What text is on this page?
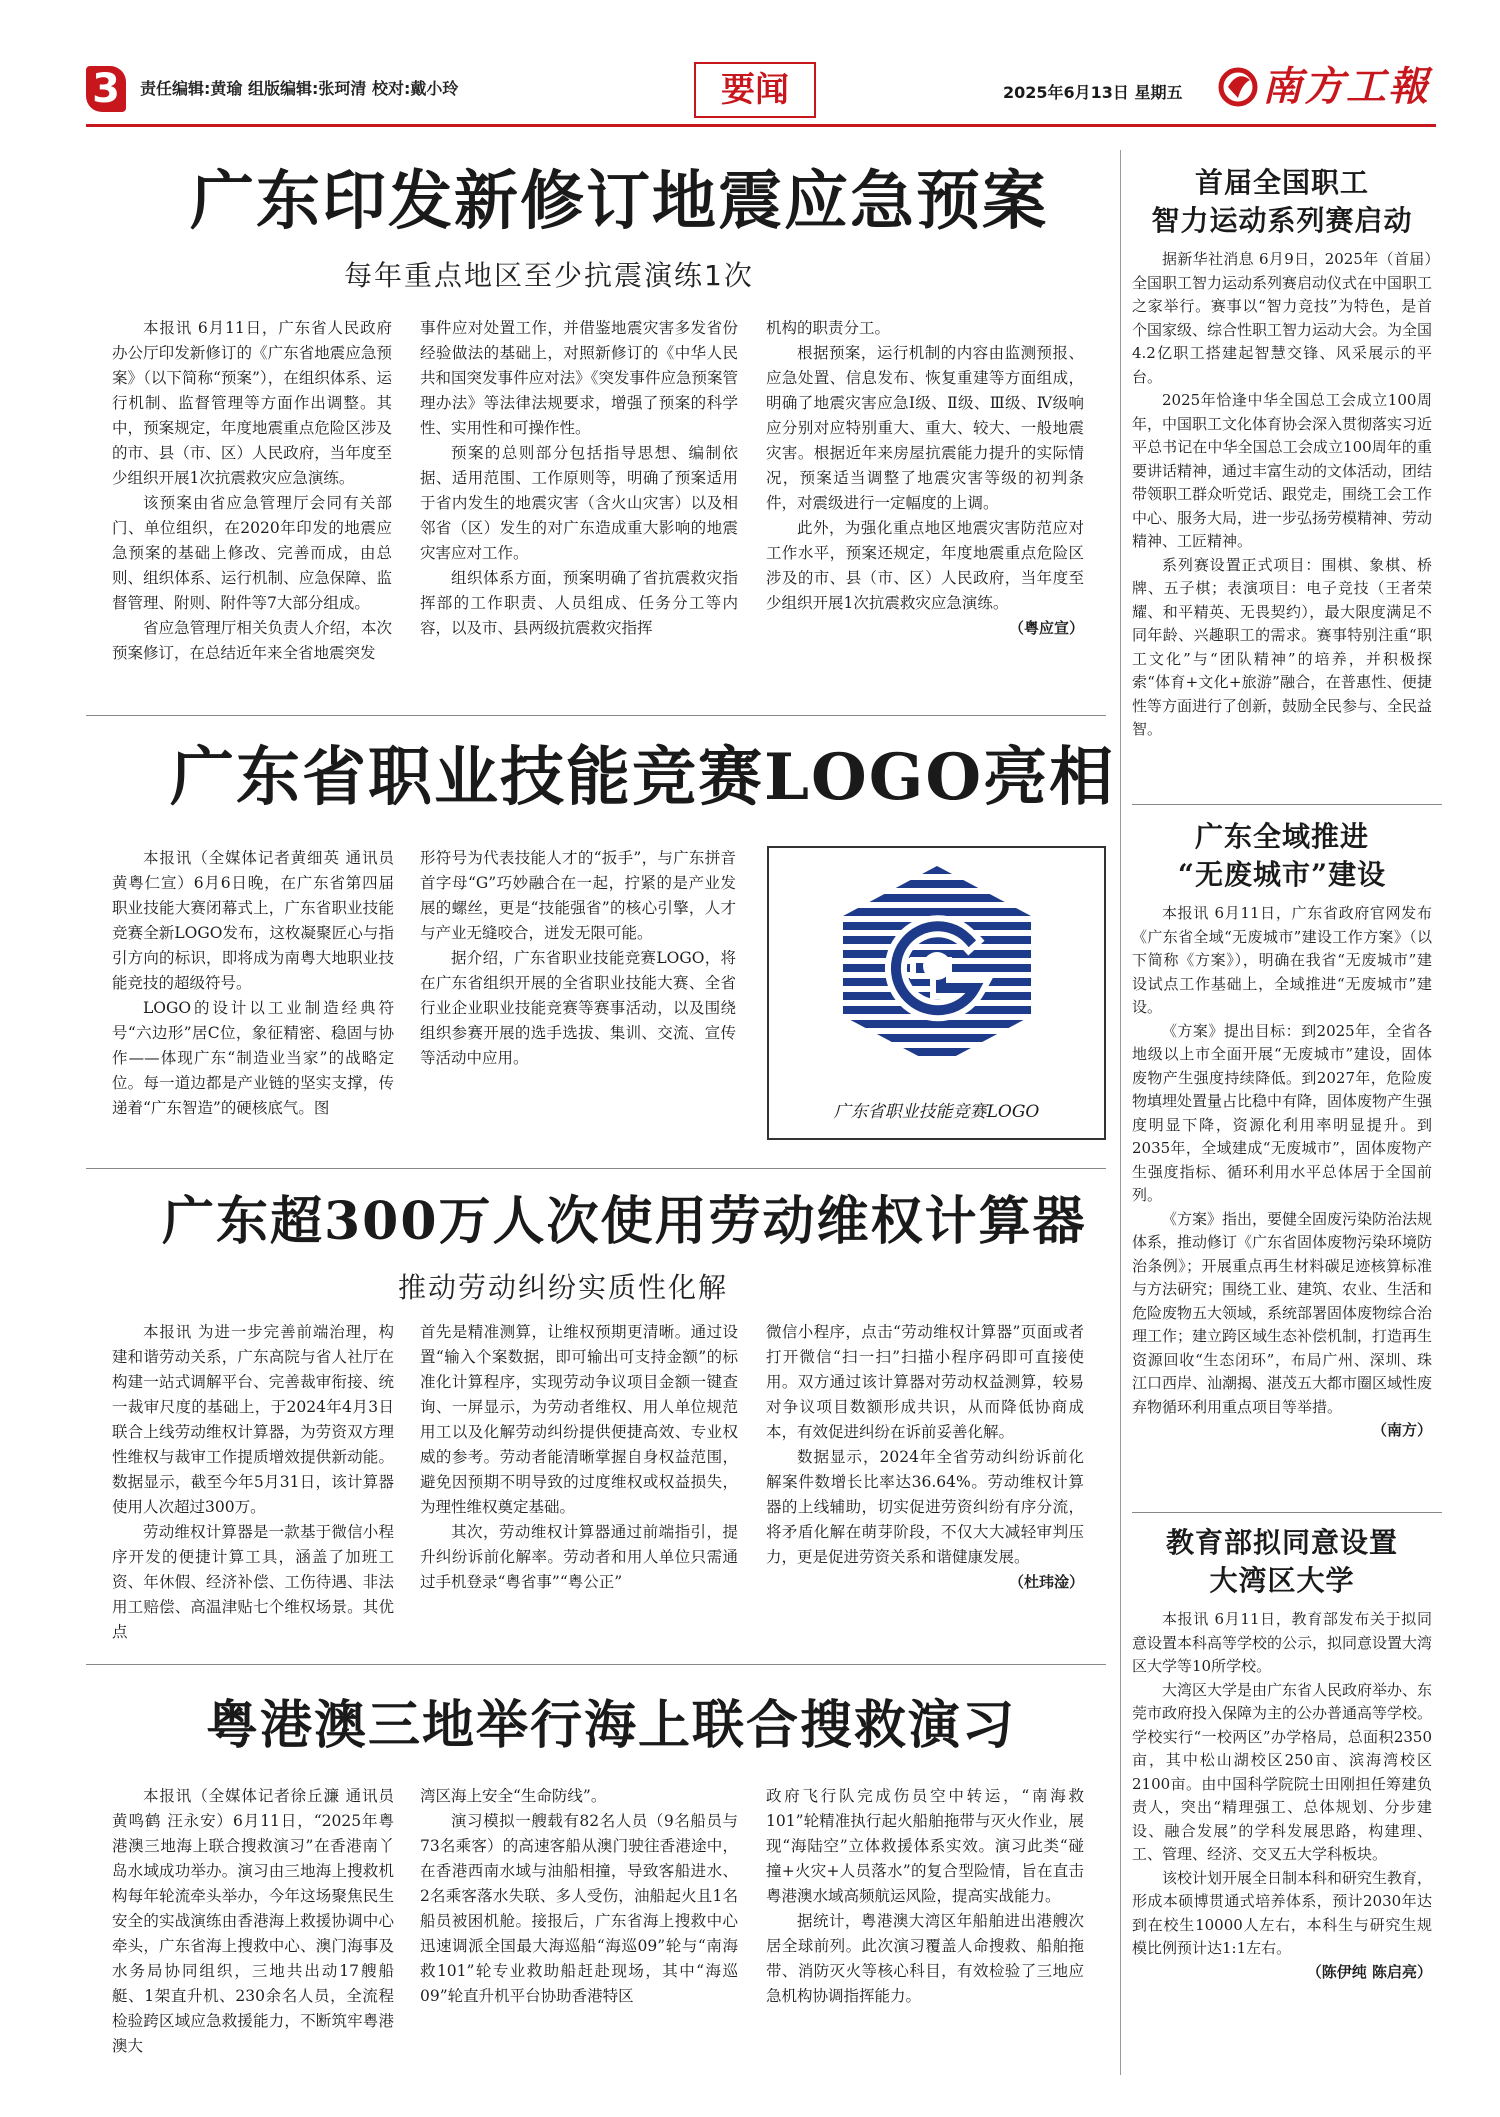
3	责任编辑:黄瑜 组版编辑:张珂清 校对:戴小玲	要闻	2025年6月13日 星期五 南方工報
广东印发新修订地震应急预案
每年重点地区至少抗震演练1次

本报讯 6月11日，广东省人民政府办公厅印发新修订的《广东省地震应急预案》（以下简称“预案”），在组织体系、运行机制、监督管理等方面作出调整。其中，预案规定，年度地震重点危险区涉及的市、县（市、区）人民政府，当年度至少组织开展1次抗震救灾应急演练。

该预案由省应急管理厅会同有关部门、单位组织，在2020年印发的地震应急预案的基础上修改、完善而成，由总则、组织体系、运行机制、应急保障、监督管理、附则、附件等7大部分组成。

省应急管理厅相关负责人介绍，本次预案修订，在总结近年来全省地震突发

事件应对处置工作，并借鉴地震灾害多发省份经验做法的基础上，对照新修订的《中华人民共和国突发事件应对法》《突发事件应急预案管理办法》等法律法规要求，增强了预案的科学性、实用性和可操作性。

预案的总则部分包括指导思想、编制依据、适用范围、工作原则等，明确了预案适用于省内发生的地震灾害（含火山灾害）以及相邻省（区）发生的对广东造成重大影响的地震灾害应对工作。

组织体系方面，预案明确了省抗震救灾指挥部的工作职责、人员组成、任务分工等内容，以及市、县两级抗震救灾指挥

机构的职责分工。

根据预案，运行机制的内容由监测预报、应急处置、信息发布、恢复重建等方面组成，明确了地震灾害应急Ⅰ级、Ⅱ级、Ⅲ级、Ⅳ级响应分别对应特别重大、重大、较大、一般地震灾害。根据近年来房屋抗震能力提升的实际情况，预案适当调整了地震灾害等级的初判条件，对震级进行一定幅度的上调。

此外，为强化重点地区地震灾害防范应对工作水平，预案还规定，年度地震重点危险区涉及的市、县（市、区）人民政府，当年度至少组织开展1次抗震救灾应急演练。

（粤应宣）
广东省职业技能竞赛LOGO亮相

本报讯（全媒体记者黄细英 通讯员黄粤仁宣）6月6日晚，在广东省第四届职业技能大赛闭幕式上，广东省职业技能竞赛全新LOGO发布，这枚凝聚匠心与指引方向的标识，即将成为南粤大地职业技能竞技的超级符号。

LOGO的设计以工业制造经典符号“六边形”居C位，象征精密、稳固与协作——体现广东“制造业当家”的战略定位。每一道边都是产业链的坚实支撑，传递着“广东智造”的硬核底气。图

形符号为代表技能人才的“扳手”，与广东拼音首字母“G”巧妙融合在一起，拧紧的是产业发展的螺丝，更是“技能强省”的核心引擎，人才与产业无缝咬合，迸发无限可能。

据介绍，广东省职业技能竞赛LOGO，将在广东省组织开展的全省职业技能大赛、全省行业企业职业技能竞赛等赛事活动，以及围绕组织参赛开展的选手选拔、集训、交流、宣传等活动中应用。

广东省职业技能竞赛LOGO
广东超300万人次使用劳动维权计算器
推动劳动纠纷实质性化解

本报讯 为进一步完善前端治理，构建和谐劳动关系，广东高院与省人社厅在构建一站式调解平台、完善裁审衔接、统一裁审尺度的基础上，于2024年4月3日联合上线劳动维权计算器，为劳资双方理性维权与裁审工作提质增效提供新动能。数据显示，截至今年5月31日，该计算器使用人次超过300万。

劳动维权计算器是一款基于微信小程序开发的便捷计算工具，涵盖了加班工资、年休假、经济补偿、工伤待遇、非法用工赔偿、高温津贴七个维权场景。其优点

首先是精准测算，让维权预期更清晰。通过设置“输入个案数据，即可输出可支持金额”的标准化计算程序，实现劳动争议项目金额一键查询、一屏显示，为劳动者维权、用人单位规范用工以及化解劳动纠纷提供便捷高效、专业权威的参考。劳动者能清晰掌握自身权益范围，避免因预期不明导致的过度维权或权益损失，为理性维权奠定基础。

其次，劳动维权计算器通过前端指引，提升纠纷诉前化解率。劳动者和用人单位只需通过手机登录“粤省事”“粤公正”

微信小程序，点击“劳动维权计算器”页面或者打开微信“扫一扫”扫描小程序码即可直接使用。双方通过该计算器对劳动权益测算，较易对争议项目数额形成共识，从而降低协商成本，有效促进纠纷在诉前妥善化解。

数据显示，2024年全省劳动纠纷诉前化解案件数增长比率达36.64%。劳动维权计算器的上线辅助，切实促进劳资纠纷有序分流，将矛盾化解在萌芽阶段，不仅大大减轻审判压力，更是促进劳资关系和谐健康发展。

（杜玮淦）
粤港澳三地举行海上联合搜救演习

本报讯（全媒体记者徐丘濂 通讯员黄鸣鹤 汪永安）6月11日，“2025年粤港澳三地海上联合搜救演习”在香港南丫岛水域成功举办。演习由三地海上搜救机构每年轮流牵头举办，今年这场聚焦民生安全的实战演练由香港海上救援协调中心牵头，广东省海上搜救中心、澳门海事及水务局协同组织，三地共出动17艘船艇、1架直升机、230余名人员，全流程检验跨区域应急救援能力，不断筑牢粤港澳大

湾区海上安全“生命防线”。

演习模拟一艘载有82名人员（9名船员与73名乘客）的高速客船从澳门驶往香港途中，在香港西南水域与油船相撞，导致客船进水、2名乘客落水失联、多人受伤，油船起火且1名船员被困机舱。接报后，广东省海上搜救中心迅速调派全国最大海巡船“海巡09”轮与“南海救101”轮专业救助船赶赴现场，其中“海巡09”轮直升机平台协助香港特区

政府飞行队完成伤员空中转运，“南海救101”轮精准执行起火船舶拖带与灭火作业，展现“海陆空”立体救援体系实效。演习此类“碰撞+火灾+人员落水”的复合型险情，旨在直击粤港澳水域高频航运风险，提高实战能力。

据统计，粤港澳大湾区年船舶进出港艘次居全球前列。此次演习覆盖人命搜救、船舶拖带、消防灭火等核心科目，有效检验了三地应急机构协调指挥能力。

首届全国职工
智力运动系列赛启动

据新华社消息 6月9日，2025年（首届）全国职工智力运动系列赛启动仪式在中国职工之家举行。赛事以“智力竞技”为特色，是首个国家级、综合性职工智力运动大会。为全国4.2亿职工搭建起智慧交锋、风采展示的平台。

2025年恰逢中华全国总工会成立100周年，中国职工文化体育协会深入贯彻落实习近平总书记在中华全国总工会成立100周年的重要讲话精神，通过丰富生动的文体活动，团结带领职工群众听党话、跟党走，围绕工会工作中心、服务大局，进一步弘扬劳模精神、劳动精神、工匠精神。

系列赛设置正式项目：围棋、象棋、桥牌、五子棋；表演项目：电子竞技（王者荣耀、和平精英、无畏契约），最大限度满足不同年龄、兴趣职工的需求。赛事特别注重“职工文化”与“团队精神”的培养，并积极探索“体育+文化+旅游”融合，在普惠性、便捷性等方面进行了创新，鼓励全民参与、全民益智。

广东全域推进
“无废城市”建设

本报讯 6月11日，广东省政府官网发布《广东省全域“无废城市”建设工作方案》（以下简称《方案》），明确在我省“无废城市”建设试点工作基础上，全域推进“无废城市”建设。

《方案》提出目标：到2025年，全省各地级以上市全面开展“无废城市”建设，固体废物产生强度持续降低。到2027年，危险废物填埋处置量占比稳中有降，固体废物产生强度明显下降，资源化利用率明显提升。到2035年，全域建成“无废城市”，固体废物产生强度指标、循环利用水平总体居于全国前列。

《方案》指出，要健全固废污染防治法规体系，推动修订《广东省固体废物污染环境防治条例》；开展重点再生材料碳足迹核算标准与方法研究；围绕工业、建筑、农业、生活和危险废物五大领域，系统部署固体废物综合治理工作；建立跨区域生态补偿机制，打造再生资源回收“生态闭环”，布局广州、深圳、珠江口西岸、汕潮揭、湛茂五大都市圈区域性废弃物循环利用重点项目等举措。

（南方）
教育部拟同意设置
大湾区大学

本报讯 6月11日，教育部发布关于拟同意设置本科高等学校的公示，拟同意设置大湾区大学等10所学校。

大湾区大学是由广东省人民政府举办、东莞市政府投入保障为主的公办普通高等学校。学校实行“一校两区”办学格局，总面积2350亩，其中松山湖校区250亩、滨海湾校区2100亩。由中国科学院院士田刚担任筹建负责人，突出“精理强工、总体规划、分步建设、融合发展”的学科发展思路，构建理、工、管理、经济、交叉五大学科板块。

该校计划开展全日制本科和研究生教育，形成本硕博贯通式培养体系，预计2030年达到在校生10000人左右，本科生与研究生规模比例预计达1:1左右。

（陈伊纯 陈启亮）
